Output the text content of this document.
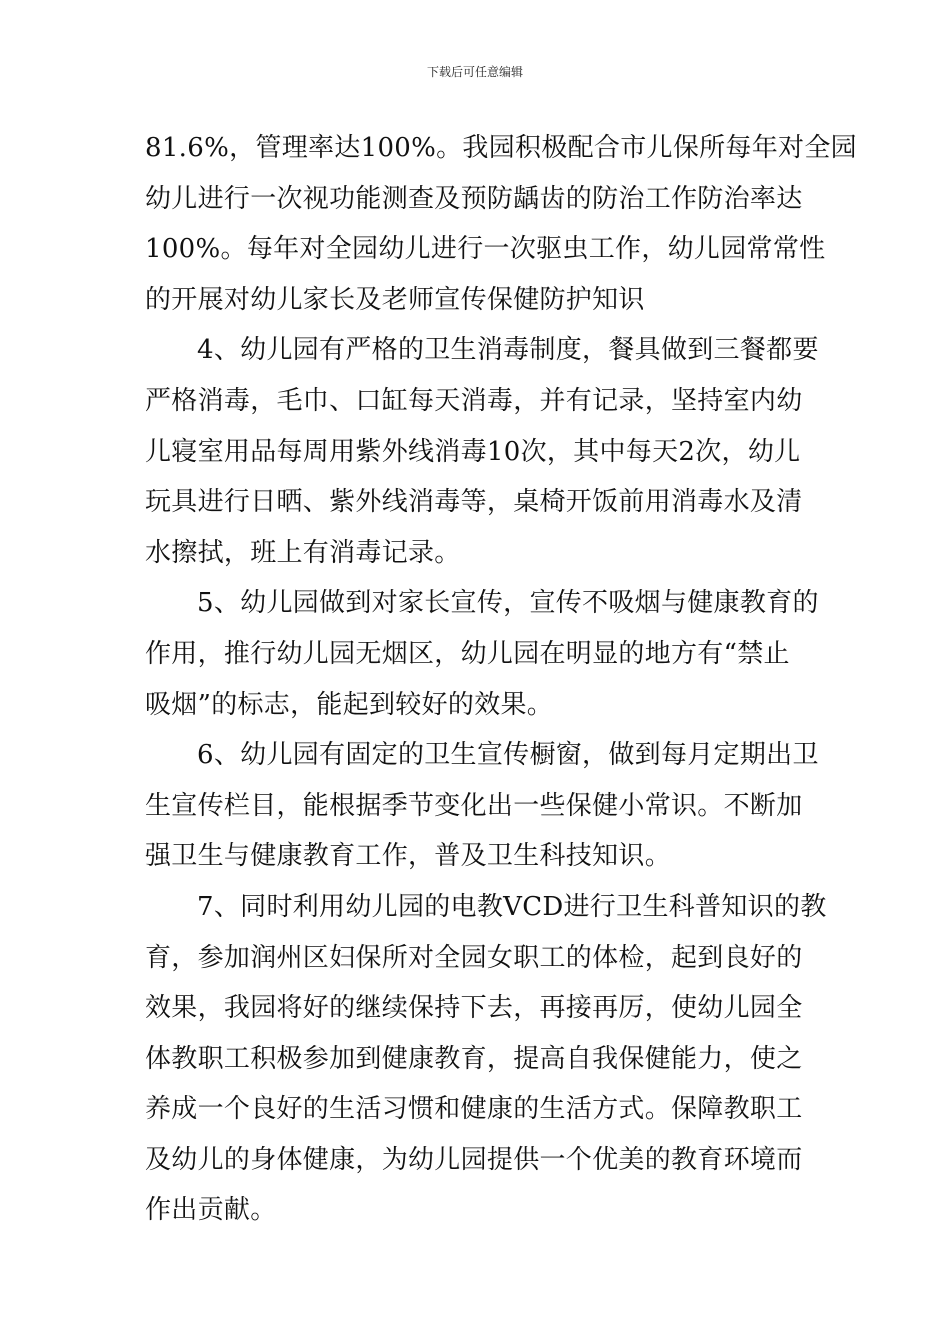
下载后可任意编辑
81.6%，管理率达100%。我园积极配合市儿保所每年对全园
幼儿进行一次视功能测查及预防龋齿的防治工作防治率达
100%。每年对全园幼儿进行一次驱虫工作，幼儿园常常性
的开展对幼儿家长及老师宣传保健防护知识
4、幼儿园有严格的卫生消毒制度，餐具做到三餐都要
严格消毒，毛巾、口缸每天消毒，并有记录，坚持室内幼
儿寝室用品每周用紫外线消毒10次，其中每天2次，幼儿
玩具进行日晒、紫外线消毒等，桌椅开饭前用消毒水及清
水擦拭，班上有消毒记录。
5、幼儿园做到对家长宣传，宣传不吸烟与健康教育的
作用，推行幼儿园无烟区，幼儿园在明显的地方有“禁止
吸烟”的标志，能起到较好的效果。
6、幼儿园有固定的卫生宣传橱窗，做到每月定期出卫
生宣传栏目，能根据季节变化出一些保健小常识。不断加
强卫生与健康教育工作，普及卫生科技知识。
7、同时利用幼儿园的电教VCD进行卫生科普知识的教
育，参加润州区妇保所对全园女职工的体检，起到良好的
效果，我园将好的继续保持下去，再接再厉，使幼儿园全
体教职工积极参加到健康教育，提高自我保健能力，使之
养成一个良好的生活习惯和健康的生活方式。保障教职工
及幼儿的身体健康，为幼儿园提供一个优美的教育环境而
作出贡献。
